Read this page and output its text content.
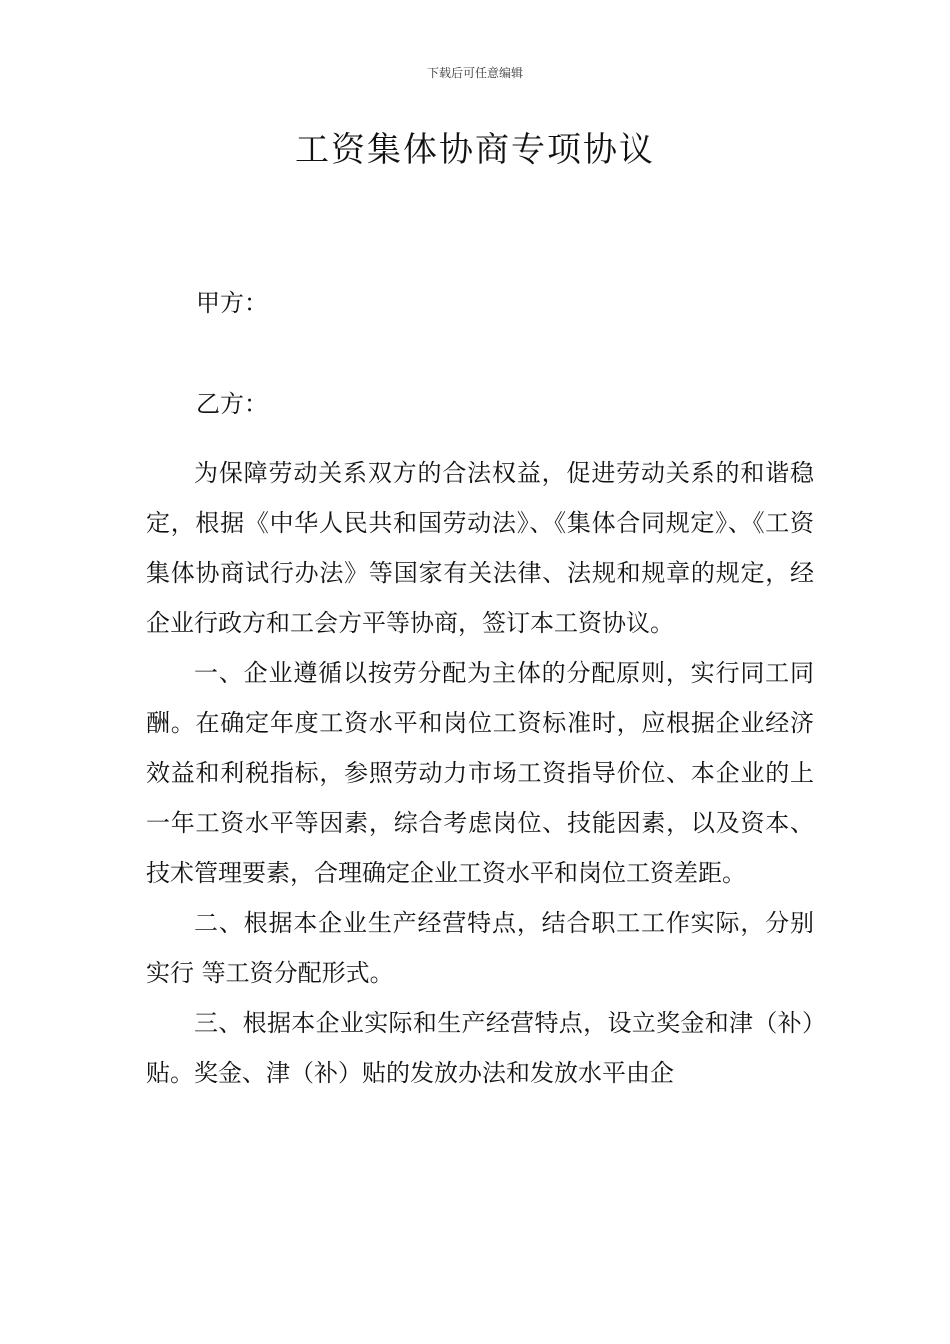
下载后可任意编辑
工资集体协商专项协议
甲方：
乙方：

为保障劳动关系双方的合法权益，促进劳动关系的和谐稳定，根据《中华人民共和国劳动法》、《集体合同规定》、《工资集体协商试行办法》等国家有关法律、法规和规章的规定，经企业行政方和工会方平等协商，签订本工资协议。

一、企业遵循以按劳分配为主体的分配原则，实行同工同酬。在确定年度工资水平和岗位工资标准时，应根据企业经济效益和利税指标，参照劳动力市场工资指导价位、本企业的上一年工资水平等因素，综合考虑岗位、技能因素，以及资本、技术管理要素，合理确定企业工资水平和岗位工资差距。

二、根据本企业生产经营特点，结合职工工作实际，分别实行 等工资分配形式。

三、根据本企业实际和生产经营特点，设立奖金和津（补）贴。奖金、津（补）贴的发放办法和发放水平由企
